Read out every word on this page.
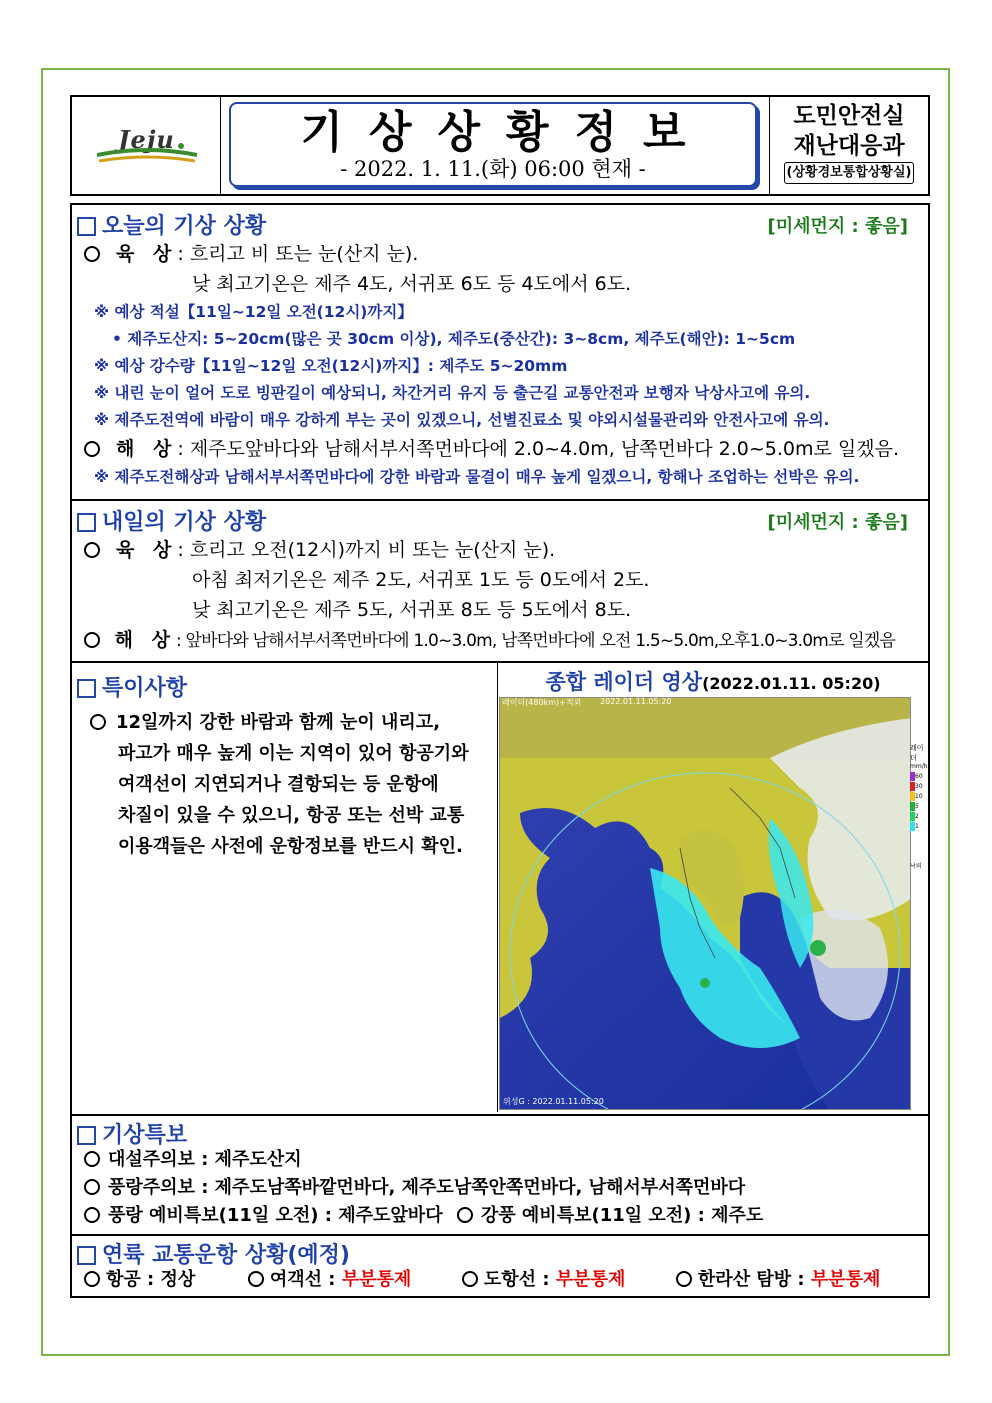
Jeju	기상상황정보
- 2022. 1. 11.(화) 06:00 현재 -
도민안전실
재난대응과
(상황경보통합상황실)
오늘의 기상 상황	[미세먼지 : 좋음]
육 상: 흐리고 비 또는 눈(산지 눈).
낮 최고기온은 제주 4도, 서귀포 6도 등 4도에서 6도.
※ 예상 적설【11일~12일 오전(12시)까지】
• 제주도산지: 5~20cm(많은 곳 30cm 이상), 제주도(중산간): 3~8cm, 제주도(해안): 1~5cm
※ 예상 강수량【11일~12일 오전(12시)까지】: 제주도 5~20mm
※ 내린 눈이 얼어 도로 빙판길이 예상되니, 차간거리 유지 등 출근길 교통안전과 보행자 낙상사고에 유의.
※ 제주도전역에 바람이 매우 강하게 부는 곳이 있겠으니, 선별진료소 및 야외시설물관리와 안전사고에 유의.
해 상: 제주도앞바다와 남해서부서쪽먼바다에 2.0~4.0m, 남쪽먼바다 2.0~5.0m로 일겠음.
※ 제주도전해상과 남해서부서쪽먼바다에 강한 바람과 물결이 매우 높게 일겠으니, 항해나 조업하는 선박은 유의.
내일의 기상 상황	[미세먼지 : 좋음]
육 상: 흐리고 오전(12시)까지 비 또는 눈(산지 눈).
아침 최저기온은 제주 2도, 서귀포 1도 등 0도에서 2도.
낮 최고기온은 제주 5도, 서귀포 8도 등 5도에서 8도.
해 상: 앞바다와 남해서부서쪽먼바다에 1.0~3.0m, 남쪽먼바다에 오전 1.5~5.0m,오후1.0~3.0m로 일겠음
특이사항
12일까지 강한 바람과 함께 눈이 내리고,
파고가 매우 높게 이는 지역이 있어 항공기와
여객선이 지연되거나 결항되는 등 운항에
차질이 있을 수 있으니, 항공 또는 선박 교통
이용객들은 사전에 운항정보를 반드시 확인.
종합 레이더 영상(2022.01.11. 05:20)
레이더(480km)+적외 2022.01.11.05:20
위성G : 2022.01.11.05:20
레이더
mm/h
60
30
10
5
2
1
낙뢰
기상특보
대설주의보 : 제주도산지
풍랑주의보 : 제주도남쪽바깥먼바다, 제주도남쪽안쪽먼바다, 남해서부서쪽먼바다
풍랑 예비특보(11일 오전) : 제주도앞바다 강풍 예비특보(11일 오전) : 제주도
연륙 교통운항 상황(예정)
항공 : 정상	여객선 : 부분통제	도항선 : 부분통제	한라산 탐방 : 부분통제
